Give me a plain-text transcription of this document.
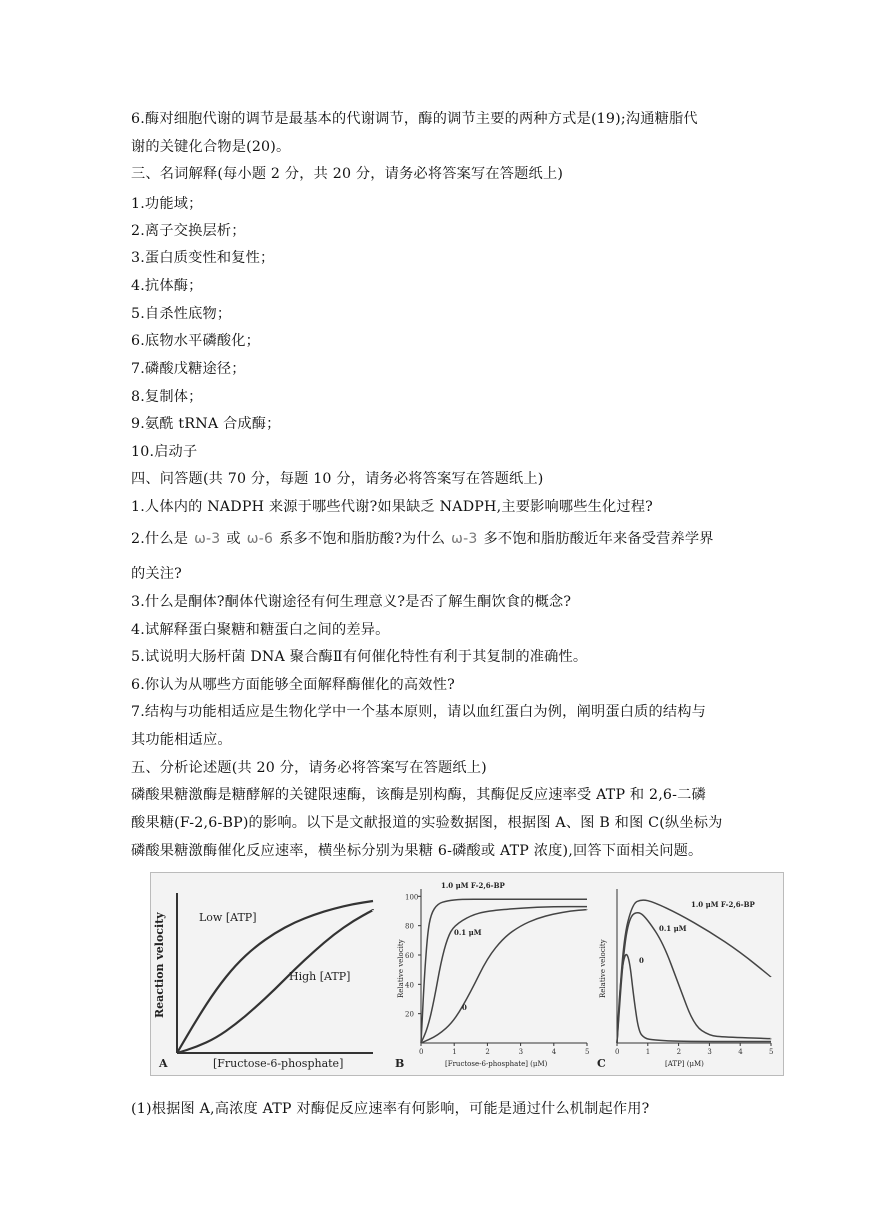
6.酶对细胞代谢的调节是最基本的代谢调节，酶的调节主要的两种方式是(19);沟通糖脂代
谢的关键化合物是(20)。
三、名词解释(每小题 2 分，共 20 分，请务必将答案写在答题纸上)
1.功能域；
2.离子交换层析；
3.蛋白质变性和复性；
4.抗体酶；
5.自杀性底物；
6.底物水平磷酸化；
7.磷酸戊糖途径；
8.复制体；
9.氨酰 tRNA 合成酶；
10.启动子
四、问答题(共 70 分，每题 10 分，请务必将答案写在答题纸上)
1.人体内的 NADPH 来源于哪些代谢?如果缺乏 NADPH,主要影响哪些生化过程?
3.什么是酮体?酮体代谢途径有何生理意义?是否了解生酮饮食的概念?
4.试解释蛋白聚糖和糖蛋白之间的差异。
5.试说明大肠杆菌 DNA 聚合酶Ⅱ有何催化特性有利于其复制的准确性。
6.你认为从哪些方面能够全面解释酶催化的高效性?
7.结构与功能相适应是生物化学中一个基本原则，请以血红蛋白为例，阐明蛋白质的结构与
其功能相适应。
五、分析论述题(共 20 分，请务必将答案写在答题纸上)
磷酸果糖激酶是糖酵解的关键限速酶，该酶是别构酶，其酶促反应速率受 ATP 和 2,6-二磷
酸果糖(F-2,6-BP)的影响。以下是文献报道的实验数据图，根据图 A、图 B 和图 C(纵坐标为
磷酸果糖激酶催化反应速率，横坐标分别为果糖 6-磷酸或 ATP 浓度),回答下面相关问题。
2.什么是 ω-3 或 ω-6 系多不饱和脂肪酸?为什么 ω-3 多不饱和脂肪酸近年来备受营养学界
的关注?
Reaction velocity
[Fructose-6-phosphate]
A
Low [ATP]
High [ATP]
0	1	2	3	4	5
20
40
60
80
100
Relative velocity
[Fructose-6-phosphate] (μM)
B
1.0 μM F-2,6-BP
0.1 μM
0
0	1	2	3	4	5
Relative velocity
[ATP] (μM)
C
1.0 μM F-2,6-BP
0.1 μM
0
(1)根据图 A,高浓度 ATP 对酶促反应速率有何影响，可能是通过什么机制起作用?
